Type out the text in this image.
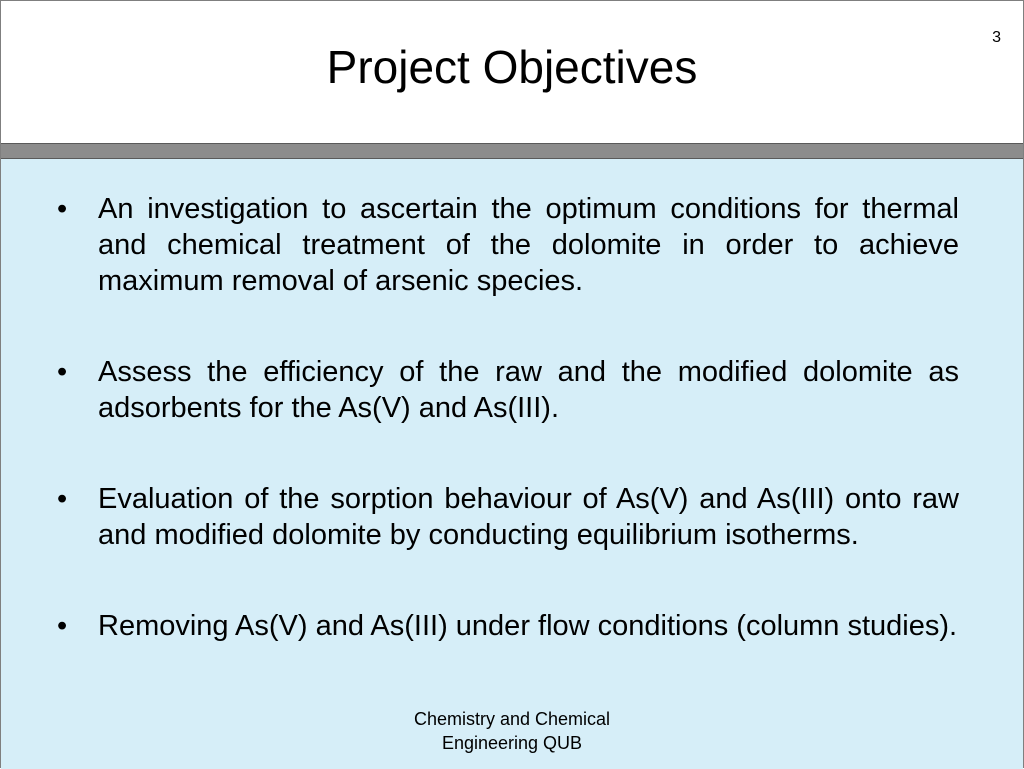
Project Objectives
3
•	An investigation to ascertain the optimum conditions for thermal and chemical treatment of the dolomite in order to achieve maximum removal of arsenic species.
•	Assess the efficiency of the raw and the modified dolomite as adsorbents for the As(V) and As(III).
•	Evaluation of the sorption behaviour of As(V) and As(III) onto raw and modified dolomite by conducting equilibrium isotherms.
•	Removing As(V) and As(III) under flow conditions (column studies).
Chemistry and Chemical
Engineering QUB
